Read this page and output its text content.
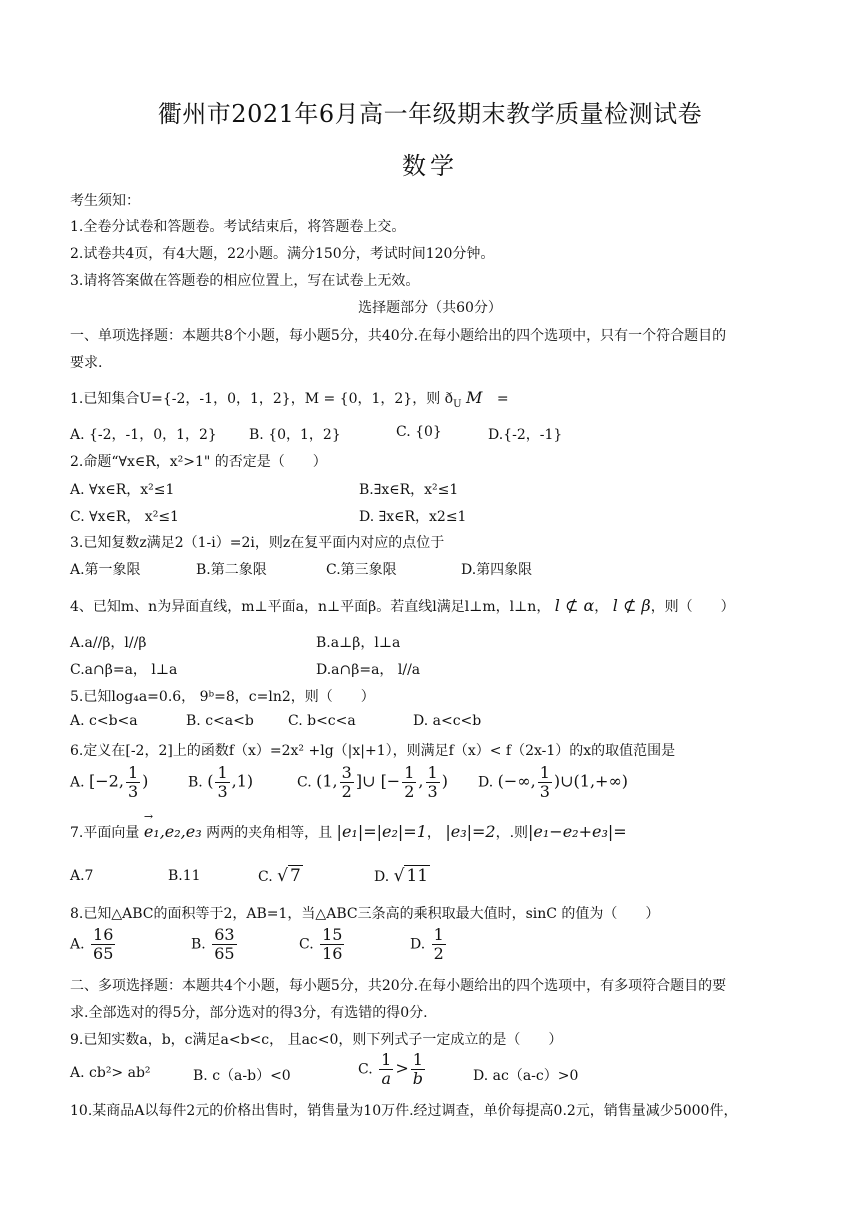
衢州市2021年6月高一年级期末教学质量检测试卷
数学
考生须知：
1.全卷分试卷和答题卷。考试结束后，将答题卷上交。
2.试卷共4页，有4大题，22小题。满分150分，考试时间120分钟。
3.请将答案做在答题卷的相应位置上，写在试卷上无效。
选择题部分（共60分）
一、单项选择题：本题共8个小题，每小题5分，共40分.在每小题给出的四个选项中，只有一个符合题目的
要求.
1.已知集合U={-2，-1，0，1，2}，M = {0，1，2}，则 $ð_U$ M =
A. {-2，-1，0，1，2} B. {0，1，2}	C. {0}	D.{-2，-1}
2.命题“∀x∈R，x²>1" 的否定是（　　）
A. ∀x∈R，x²≤1	B.∃x∈R，x²≤1
C. ∀x∈R， x²≤1	D. ∃x∈R，x2≤1
3.已知复数z满足2（1-i）=2i，则z在复平面内对应的点位于
A.第一象限	B.第二象限	C.第三象限	D.第四象限
4、已知m、n为异面直线，m⊥平面a，n⊥平面β。若直线l满足l⊥m，l⊥n， l ⊄ α， l ⊄ β，则（　　）
A.a//β，l//β	B.a⊥β，l⊥a
C.a∩β=a， l⊥a	D.a∩β=a， l//a
5.已知log₄a=0.6， 9ᵇ=8，c=ln2，则（　　）
A. c<b<a	B. c<a<b C. b<c<a	D. a<c<b
6.定义在[-2，2]上的函数f（x）=2x² +lg（|x|+1），则满足f（x）< f（2x-1）的x的取值范围是
A. [−2, $\frac{1}{3}$ )	B. ( $\frac{1}{3} ,1$)	C. (1, $\frac{3}{2}$ ]∪ [− $\frac{1}{2}$ , $\frac{1}{3}$ ) D. (−∞, $\frac{1}{3}$ )∪(1,+∞)
7.平面向量 → e₁,e₂,e₃ 两两的夹角相等，且 |e₁|=|e₂|=1， |e₃|=2，.则|e₁−e₂+e₃|=
A.7	B.11	C. √ 7	D. √ 11
8.已知△ABC的面积等于2，AB=1，当△ABC三条高的乘积取最大值时，sinC 的值为（　　）
A. $\frac{16}{65}$	B. $\frac{63}{65}$	C. $\frac{15}{16}$	D. $\frac{1}{2}$
二、多项选择题：本题共4个小题，每小题5分，共20分.在每小题给出的四个选项中，有多项符合题目的要
求.全部选对的得5分，部分选对的得3分，有选错的得0分.
9.已知实数a，b，c满足a<b<c， 且ac<0，则下列式子一定成立的是（　　）
A. cb²> ab²	B. c（a-b）<0	C. $\frac{1}{a} > \frac{1}{b}$	D. ac（a-c）>0
10.某商品A以每件2元的价格出售时，销售量为10万件.经过调查，单价每提高0.2元，销售量减少5000件，
